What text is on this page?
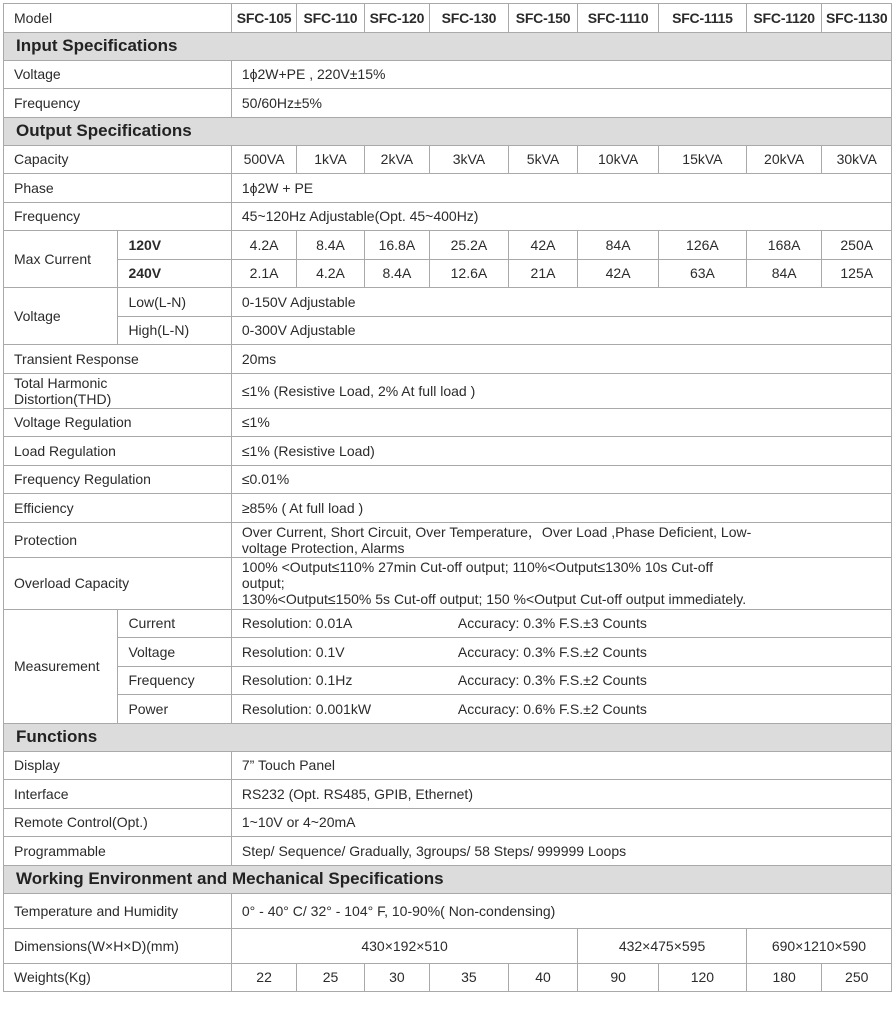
Model		SFC-105	SFC-110	SFC-120	SFC-130	SFC-150	SFC-1110	SFC-1115	SFC-1120	SFC-1130
Input Specifications										
Voltage		1ϕ2W+PE , 220V±15%								
Frequency		50/60Hz±5%								
Output Specifications										
Capacity		500VA	1kVA	2kVA	3kVA	5kVA	10kVA	15kVA	20kVA	30kVA
Phase		1ϕ2W + PE								
Frequency		45~120Hz Adjustable(Opt. 45~400Hz)								
Max Current	120V	4.2A	8.4A	16.8A	25.2A	42A	84A	126A	168A	250A
	240V	2.1A	4.2A	8.4A	12.6A	21A	42A	63A	84A	125A
Voltage	Low(L-N)	0-150V Adjustable								
	High(L-N)	0-300V Adjustable								
Transient Response		20ms								

Total Harmonic
Distortion(THD)		≤1% (Resistive Load, 2% At full load )								
Voltage Regulation		≤1%								
Load Regulation		≤1% (Resistive Load)								
Frequency Regulation		≤0.01%								
Efficiency		≥85% ( At full load )								
Protection		Over Current, Short Circuit, Over Temperature，Over Load ,Phase Deficient, Low-
voltage Protection, Alarms								

Overload Capacity		100% <Output≤110% 27min Cut-off output; 110%<Output≤130% 10s Cut-off
output;
130%<Output≤150% 5s Cut-off output; 150 %<Output Cut-off output immediately.								

Measurement	Current	Resolution: 0.01A Accuracy: 0.3% F.S.±3 Counts								

	Voltage	Resolution: 0.1V Accuracy: 0.3% F.S.±2 Counts								

	Frequency	Resolution: 0.1Hz Accuracy: 0.3% F.S.±2 Counts								

	Power	Resolution: 0.001kW Accuracy: 0.6% F.S.±2 Counts								

Functions										
Display		7” Touch Panel								
Interface		RS232 (Opt. RS485, GPIB, Ethernet)								
Remote Control(Opt.)		1~10V or 4~20mA								
Programmable		Step/ Sequence/ Gradually, 3groups/ 58 Steps/ 999999 Loops								
Working Environment and Mechanical Specifications										
Temperature and Humidity		0° - 40° C/ 32° - 104° F, 10-90%( Non-condensing)								
Dimensions(W×H×D)(mm)		430×192×510					432×475×595		690×1210×590	
Weights(Kg)		22	25	30	35	40	90	120	180	250
